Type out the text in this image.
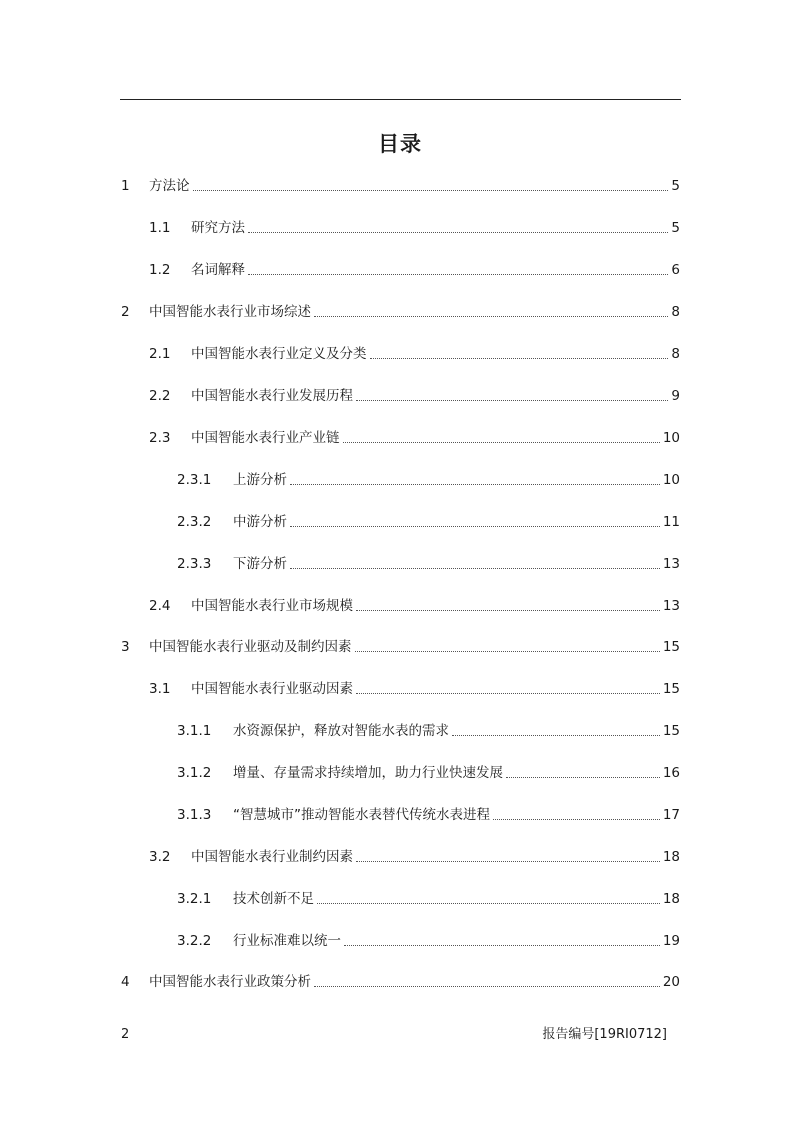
目录
1	方法论	5
1.1	研究方法	5
1.2	名词解释	6
2	中国智能水表行业市场综述	8
2.1	中国智能水表行业定义及分类	8
2.2	中国智能水表行业发展历程	9
2.3	中国智能水表行业产业链	10
2.3.1	上游分析	10
2.3.2	中游分析	11
2.3.3	下游分析	13
2.4	中国智能水表行业市场规模	13
3	中国智能水表行业驱动及制约因素	15
3.1	中国智能水表行业驱动因素	15
3.1.1	水资源保护，释放对智能水表的需求	15
3.1.2	增量、存量需求持续增加，助力行业快速发展	16
3.1.3	“智慧城市”推动智能水表替代传统水表进程	17
3.2	中国智能水表行业制约因素	18
3.2.1	技术创新不足	18
3.2.2	行业标准难以统一	19
4	中国智能水表行业政策分析	20
2	报告编号[19RI0712]
